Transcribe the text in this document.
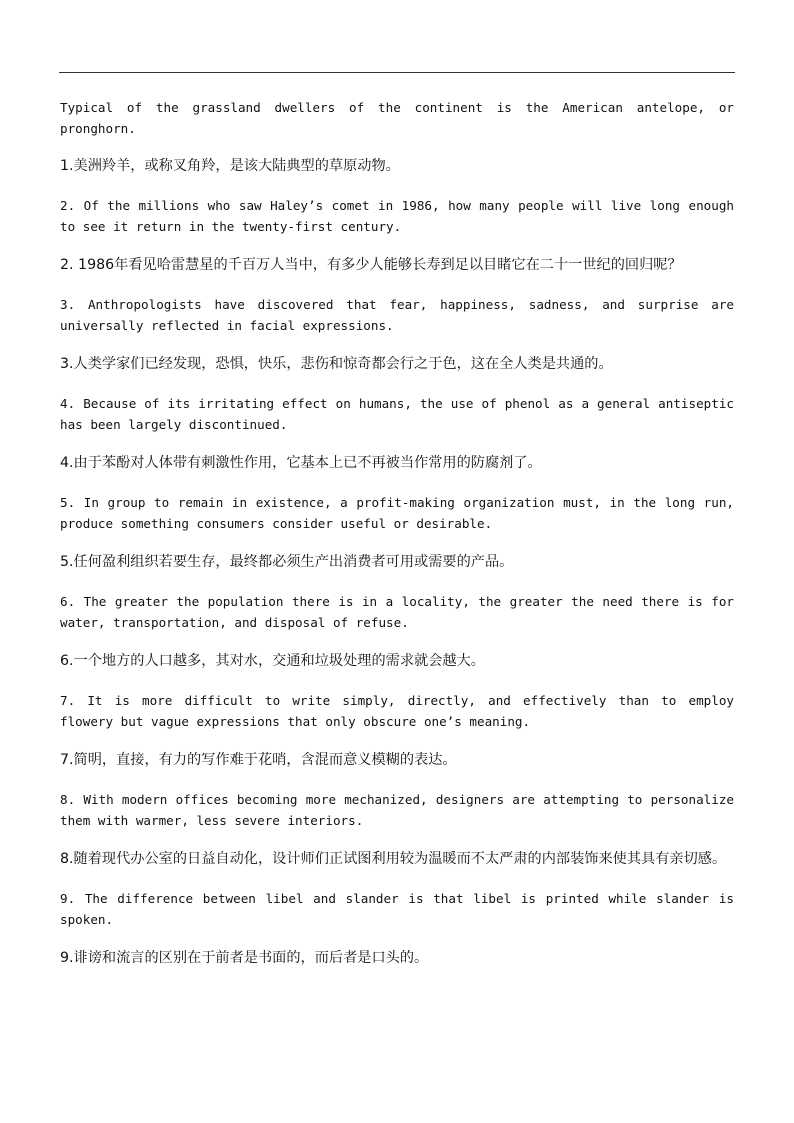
Typical of the grassland dwellers of the continent is the American antelope, or pronghorn.

1.美洲羚羊，或称叉角羚，是该大陆典型的草原动物。

2. Of the millions who saw Haley’s comet in 1986, how many people will live long enough to see it return in the twenty-first century.

2. 1986年看见哈雷慧星的千百万人当中，有多少人能够长寿到足以目睹它在二十一世纪的回归呢？

3. Anthropologists have discovered that fear, happiness, sadness, and surprise are universally reflected in facial expressions.

3.人类学家们已经发现，恐惧，快乐，悲伤和惊奇都会行之于色，这在全人类是共通的。

4. Because of its irritating effect on humans, the use of phenol as a general antiseptic has been largely discontinued.

4.由于苯酚对人体带有刺激性作用，它基本上已不再被当作常用的防腐剂了。

5. In group to remain in existence, a profit-making organization must, in the long run, produce something consumers consider useful or desirable.

5.任何盈利组织若要生存，最终都必须生产出消费者可用或需要的产品。

6. The greater the population there is in a locality, the greater the need there is for water, transportation, and disposal of refuse.

6.一个地方的人口越多，其对水，交通和垃圾处理的需求就会越大。

7. It is more difficult to write simply, directly, and effectively than to employ flowery but vague expressions that only obscure one’s meaning.

7.简明，直接，有力的写作难于花哨，含混而意义模糊的表达。

8. With modern offices becoming more mechanized, designers are attempting to personalize them with warmer, less severe interiors.

8.随着现代办公室的日益自动化，设计师们正试图利用较为温暖而不太严肃的内部装饰来使其具有亲切感。

9. The difference between libel and slander is that libel is printed while slander is spoken.

9.诽谤和流言的区别在于前者是书面的，而后者是口头的。
